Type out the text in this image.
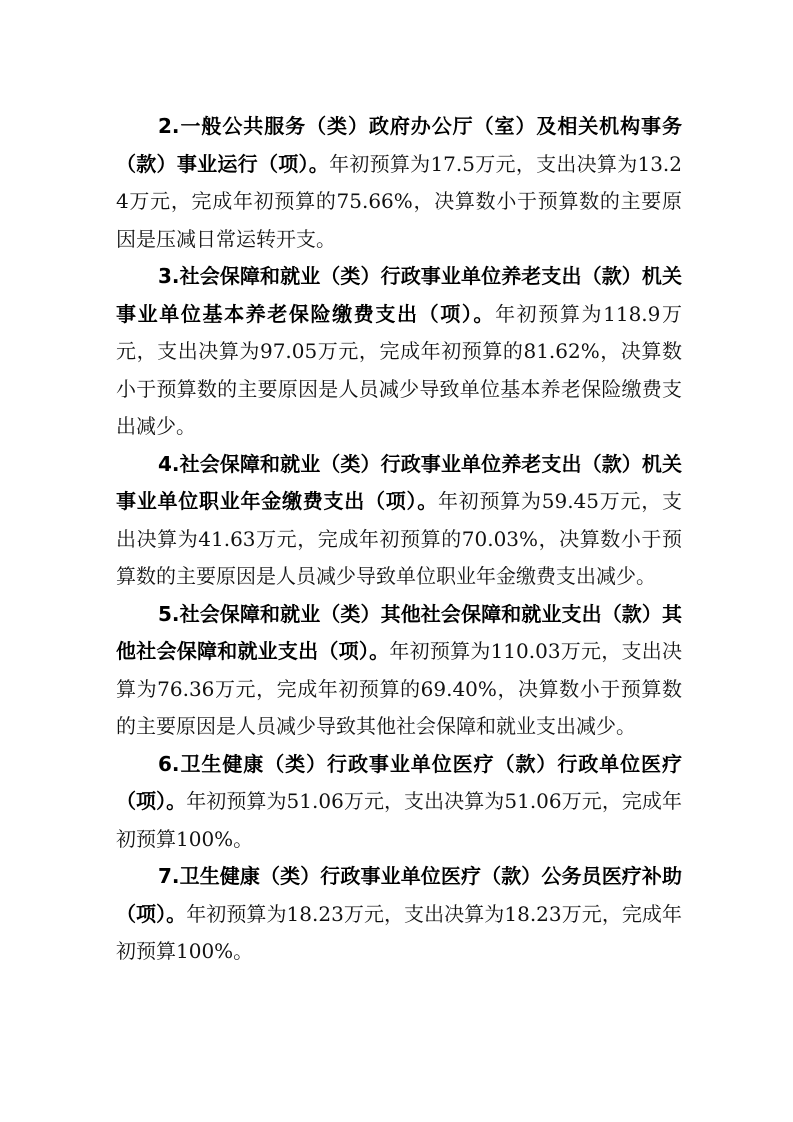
2.一般公共服务（类）政府办公厅（室）及相关机构事务（款）事业运行（项）。年初预算为17.5万元，支出决算为13.24万元，完成年初预算的75.66%，决算数小于预算数的主要原因是压减日常运转开支。

3.社会保障和就业（类）行政事业单位养老支出（款）机关事业单位基本养老保险缴费支出（项）。年初预算为118.9万元，支出决算为97.05万元，完成年初预算的81.62%，决算数小于预算数的主要原因是人员减少导致单位基本养老保险缴费支出减少。

4.社会保障和就业（类）行政事业单位养老支出（款）机关事业单位职业年金缴费支出（项）。年初预算为59.45万元，支出决算为41.63万元，完成年初预算的70.03%，决算数小于预算数的主要原因是人员减少导致单位职业年金缴费支出减少。

5.社会保障和就业（类）其他社会保障和就业支出（款）其他社会保障和就业支出（项）。年初预算为110.03万元，支出决算为76.36万元，完成年初预算的69.40%，决算数小于预算数的主要原因是人员减少导致其他社会保障和就业支出减少。

6.卫生健康（类）行政事业单位医疗（款）行政单位医疗（项）。年初预算为51.06万元，支出决算为51.06万元，完成年初预算100%。

7.卫生健康（类）行政事业单位医疗（款）公务员医疗补助（项）。年初预算为18.23万元，支出决算为18.23万元，完成年初预算100%。
